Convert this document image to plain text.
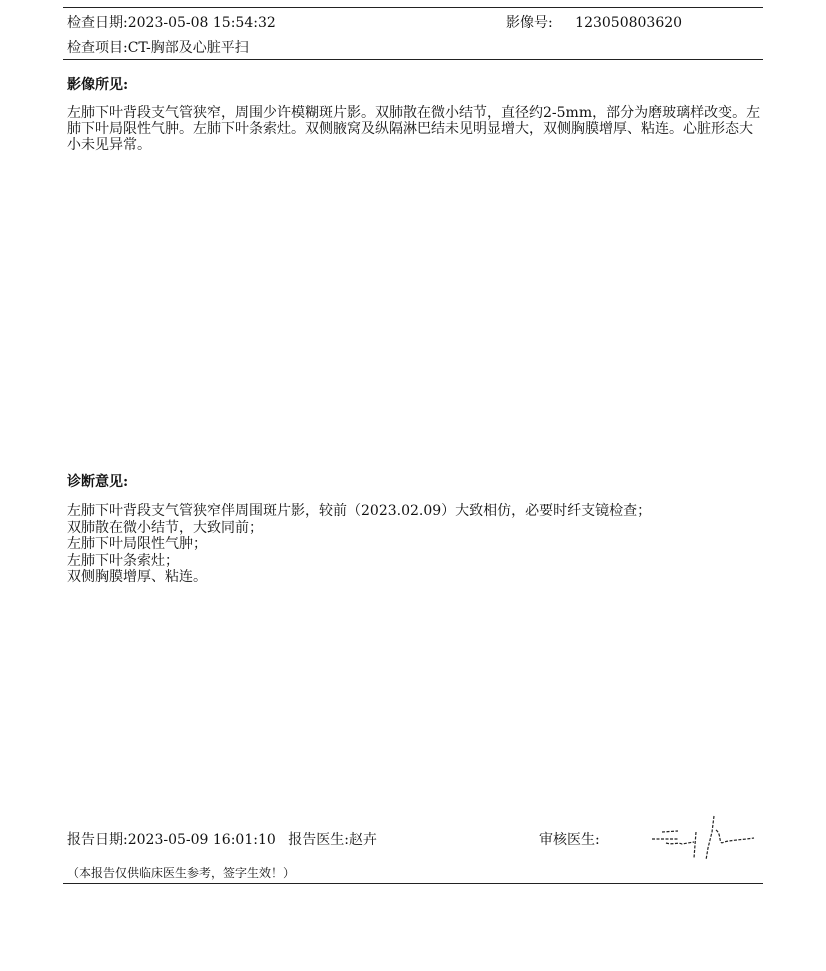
检查日期:2023-05-08 15:54:32	影像号: 123050803620
检查项目:CT-胸部及心脏平扫
影像所见:
左肺下叶背段支气管狭窄，周围少许模糊斑片影。双肺散在微小结节，直径约2-5mm，部分为磨玻璃样改变。左肺下叶局限性气肿。左肺下叶条索灶。双侧腋窝及纵隔淋巴结未见明显增大，双侧胸膜增厚、粘连。心脏形态大小未见异常。
诊断意见:
左肺下叶背段支气管狭窄伴周围斑片影，较前（2023.02.09）大致相仿，必要时纤支镜检查；
双肺散在微小结节，大致同前；
左肺下叶局限性气肿；
左肺下叶条索灶；
双侧胸膜增厚、粘连。
报告日期:2023-05-09 16:01:10 报告医生:赵卉	审核医生:
（本报告仅供临床医生参考，签字生效！）
